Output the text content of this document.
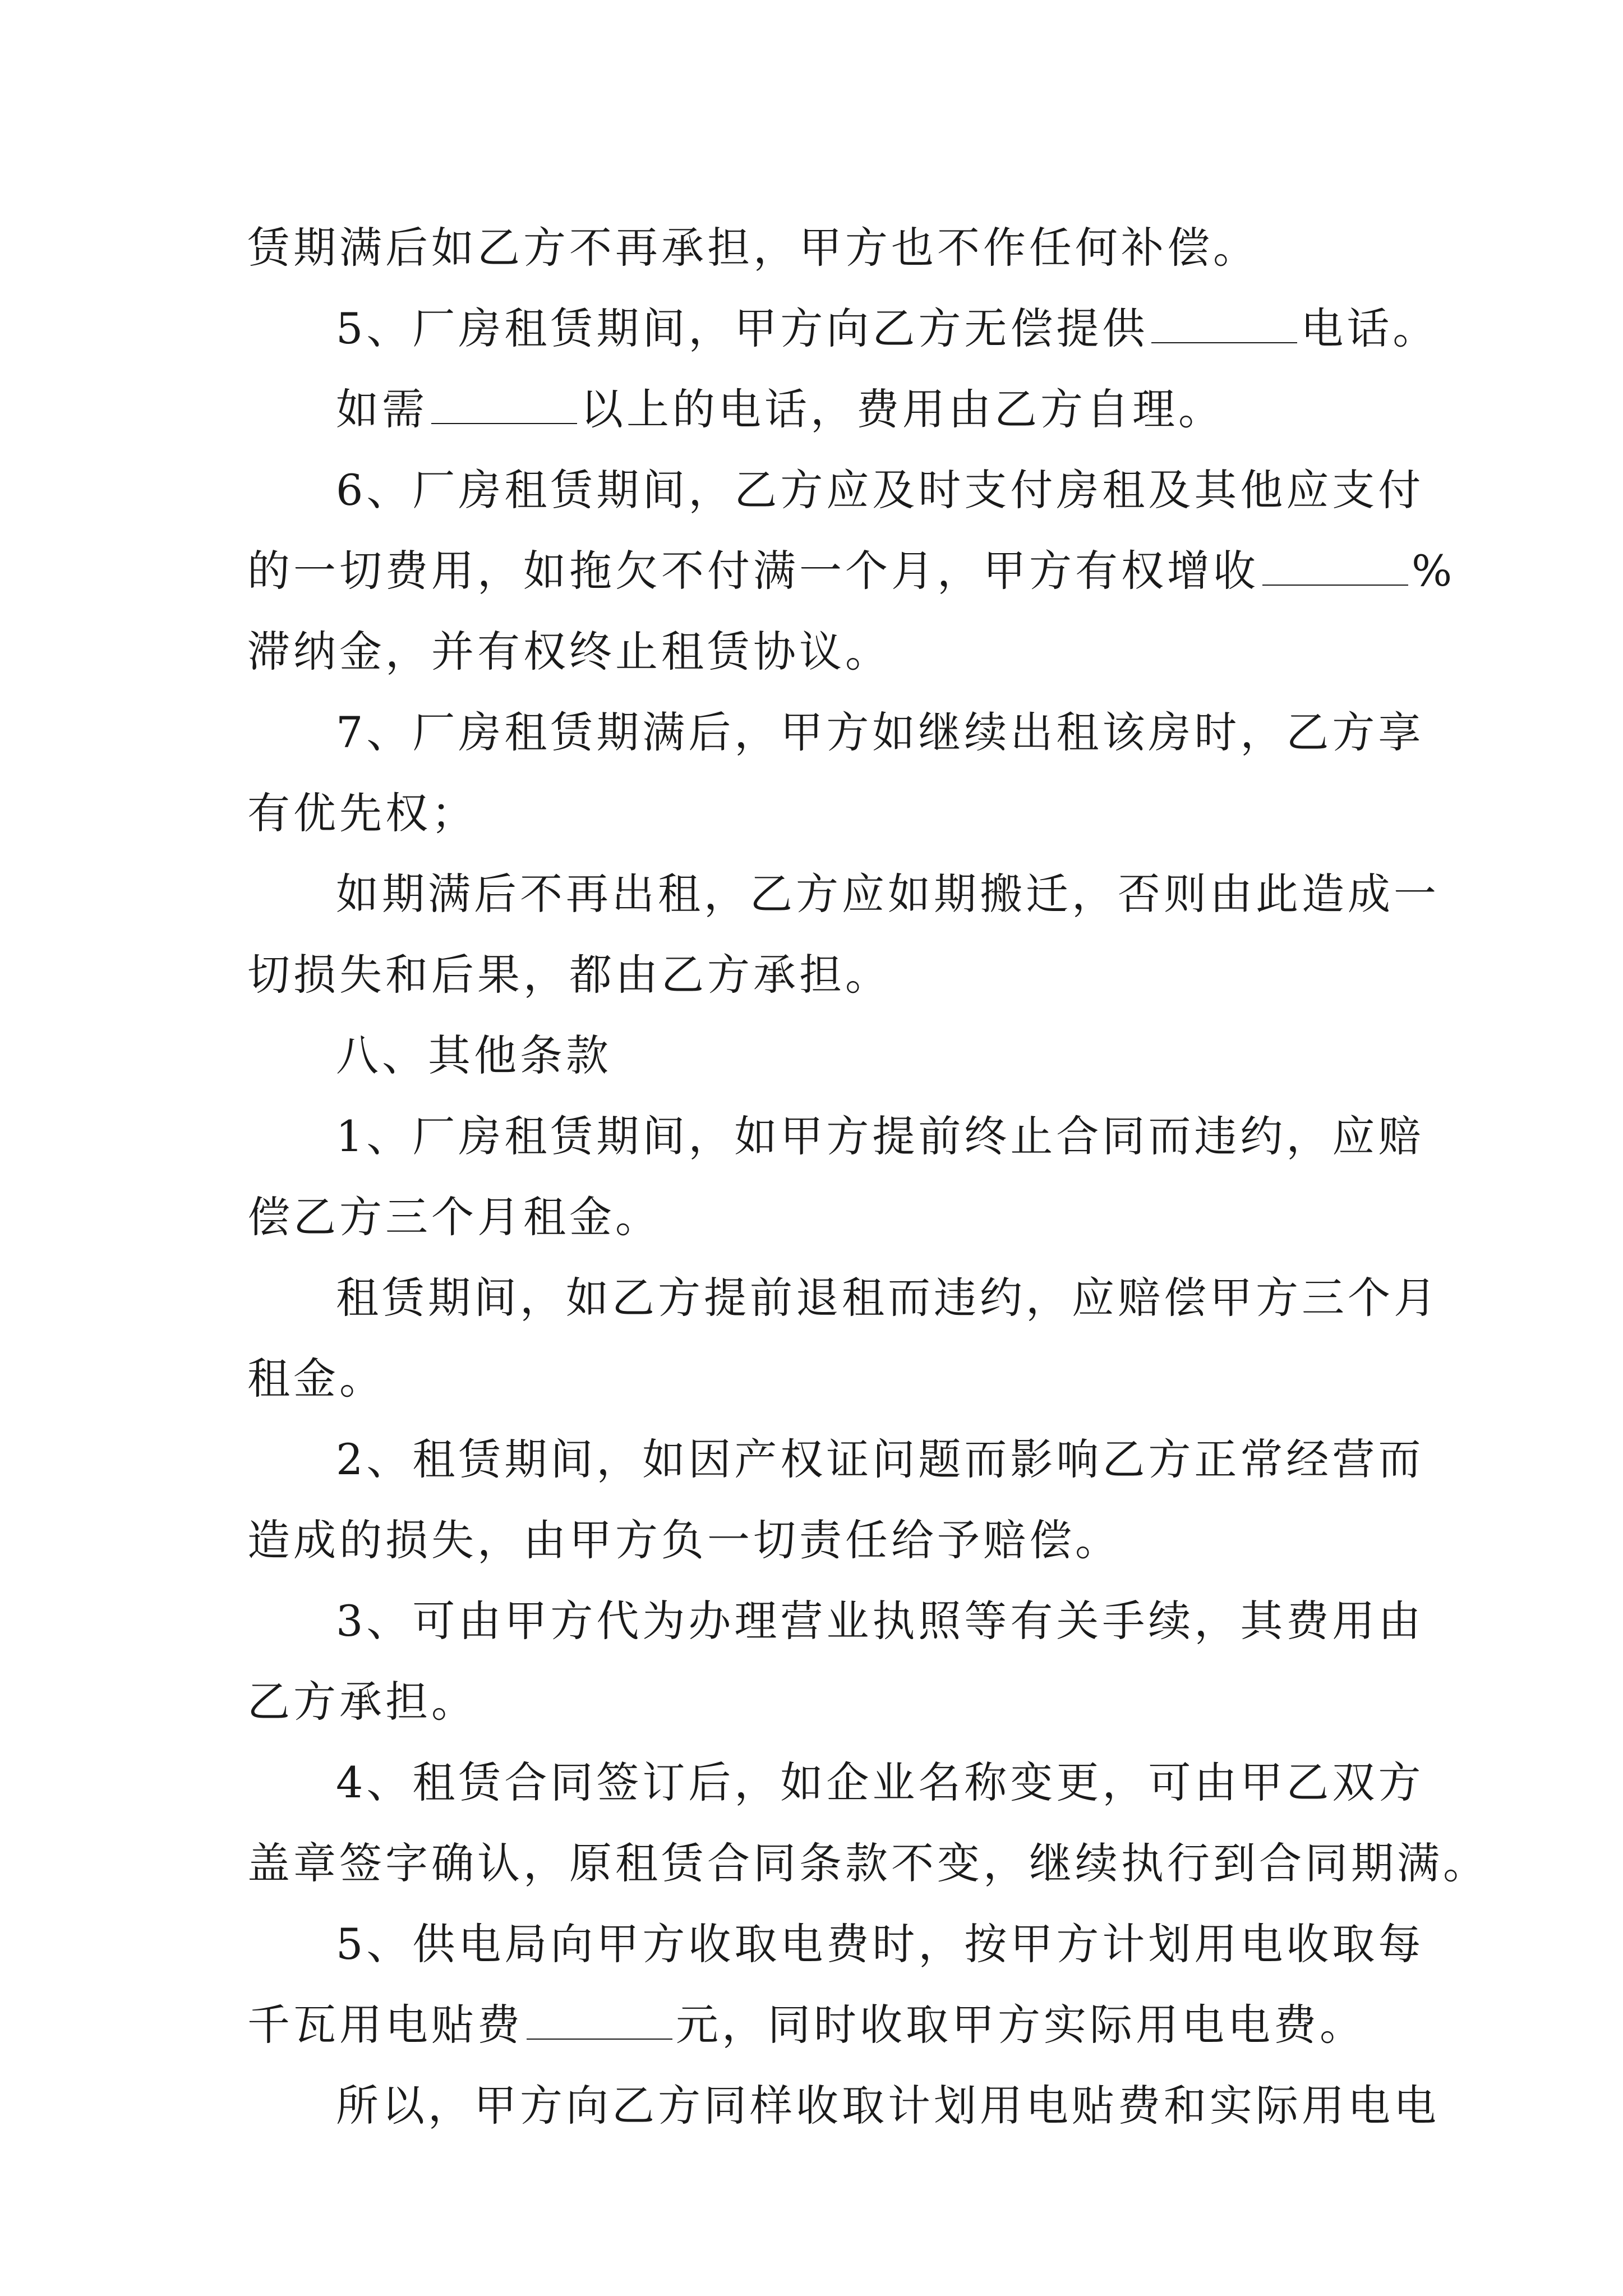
赁期满后如乙方不再承担，甲方也不作任何补偿。
5、厂房租赁期间，甲方向乙方无偿提供	电话。
如需	以上的电话，费用由乙方自理。
6、厂房租赁期间，乙方应及时支付房租及其他应支付
的一切费用，如拖欠不付满一个月，甲方有权增收	%
滞纳金，并有权终止租赁协议。
7、厂房租赁期满后，甲方如继续出租该房时，乙方享
有优先权；
如期满后不再出租，乙方应如期搬迁，否则由此造成一
切损失和后果，都由乙方承担。
八、其他条款
1、厂房租赁期间，如甲方提前终止合同而违约，应赔
偿乙方三个月租金。
租赁期间，如乙方提前退租而违约，应赔偿甲方三个月
租金。
2、租赁期间，如因产权证问题而影响乙方正常经营而
造成的损失，由甲方负一切责任给予赔偿。
3、可由甲方代为办理营业执照等有关手续，其费用由
乙方承担。
4、租赁合同签订后，如企业名称变更，可由甲乙双方
盖章签字确认，原租赁合同条款不变，继续执行到合同期满。
5、供电局向甲方收取电费时，按甲方计划用电收取每
千瓦用电贴费	元，同时收取甲方实际用电电费。
所以，甲方向乙方同样收取计划用电贴费和实际用电电
